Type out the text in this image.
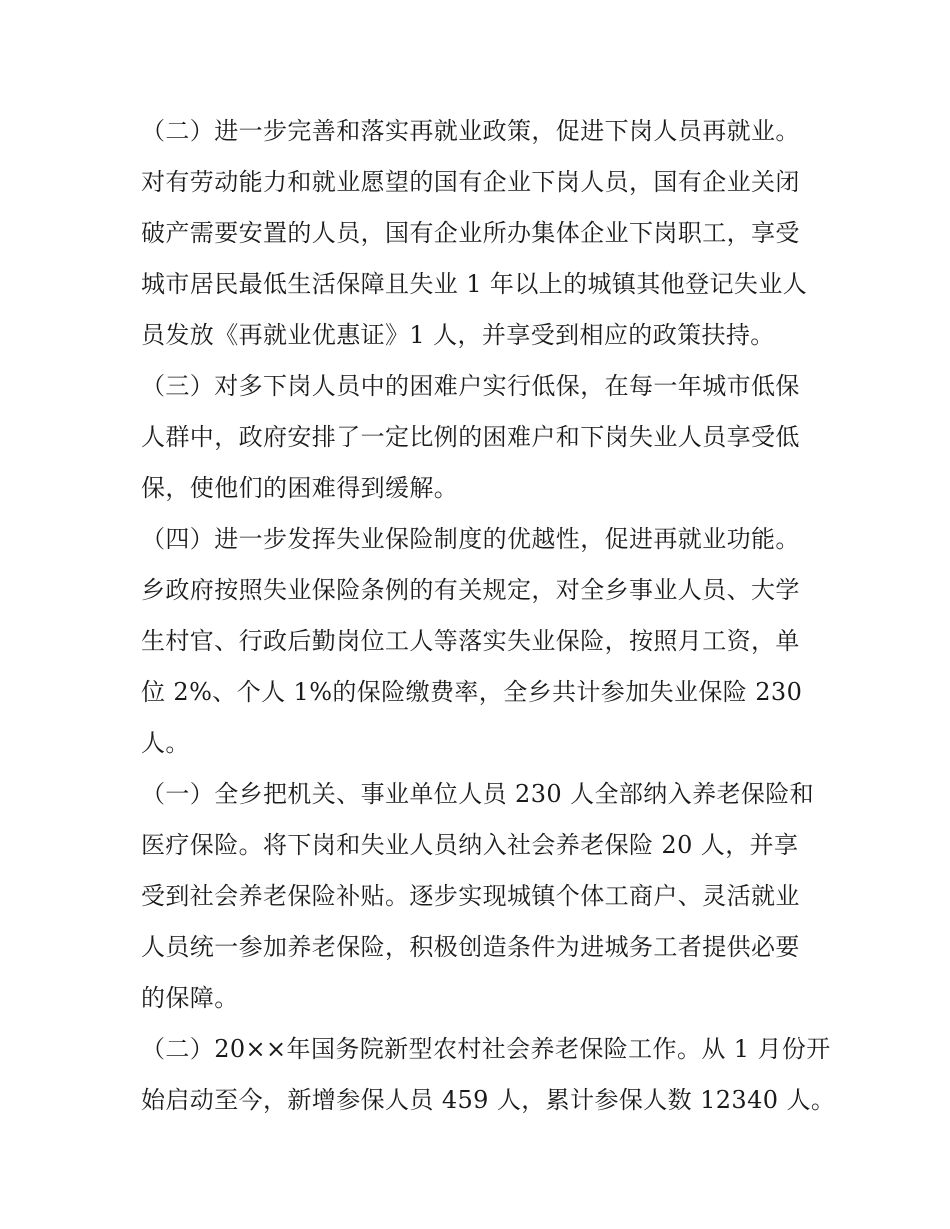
（二）进一步完善和落实再就业政策，促进下岗人员再就业。
对有劳动能力和就业愿望的国有企业下岗人员，国有企业关闭
破产需要安置的人员，国有企业所办集体企业下岗职工，享受
城市居民最低生活保障且失业 1 年以上的城镇其他登记失业人
员发放《再就业优惠证》1 人，并享受到相应的政策扶持。
（三）对多下岗人员中的困难户实行低保，在每一年城市低保
人群中，政府安排了一定比例的困难户和下岗失业人员享受低
保，使他们的困难得到缓解。
（四）进一步发挥失业保险制度的优越性，促进再就业功能。
乡政府按照失业保险条例的有关规定，对全乡事业人员、大学
生村官、行政后勤岗位工人等落实失业保险，按照月工资，单
位 2%、个人 1%的保险缴费率，全乡共计参加失业保险 230
人。
（一）全乡把机关、事业单位人员 230 人全部纳入养老保险和
医疗保险。将下岗和失业人员纳入社会养老保险 20 人，并享
受到社会养老保险补贴。逐步实现城镇个体工商户、灵活就业
人员统一参加养老保险，积极创造条件为进城务工者提供必要
的保障。
（二）20××年国务院新型农村社会养老保险工作。从 1 月份开
始启动至今，新增参保人员 459 人，累计参保人数 12340 人。
